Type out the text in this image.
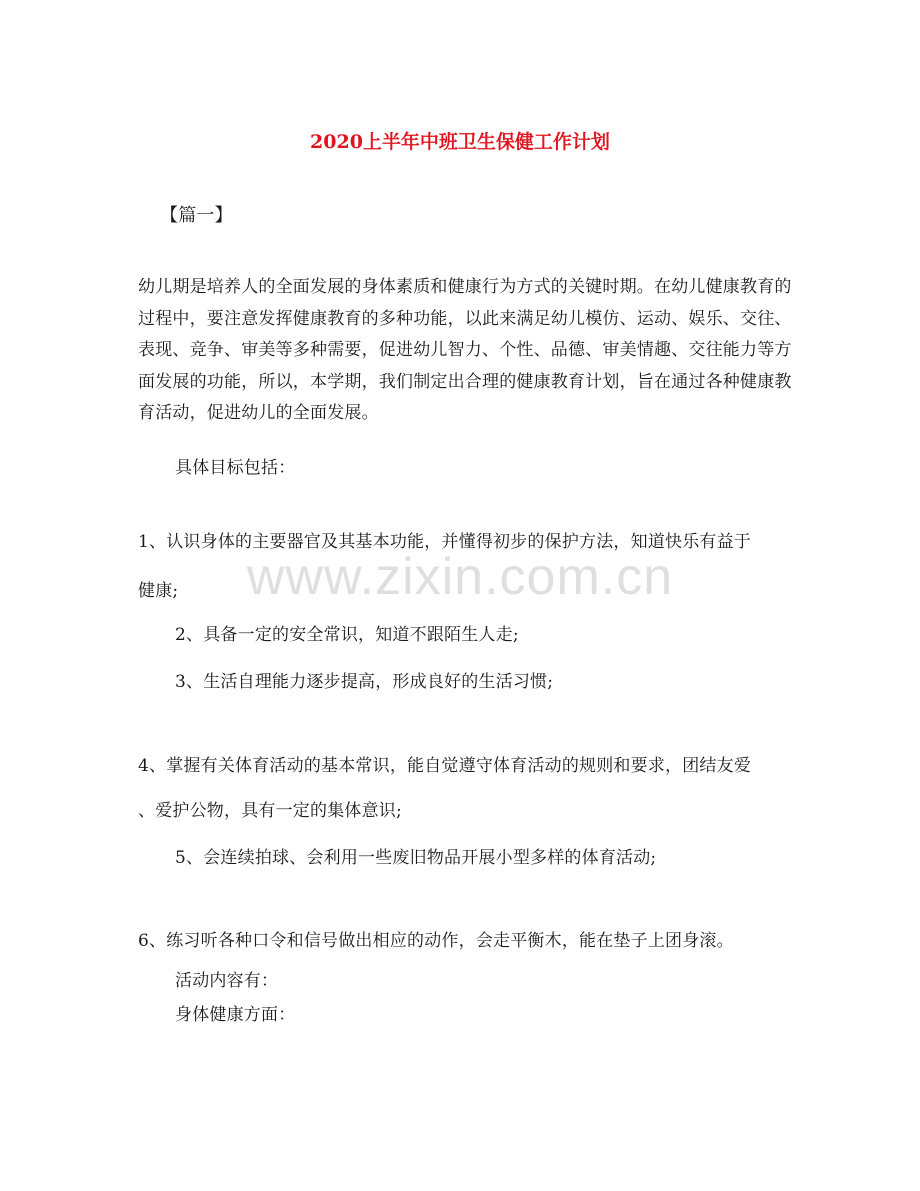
2020上半年中班卫生保健工作计划
【篇一】
幼儿期是培养人的全面发展的身体素质和健康行为方式的关键时期。在幼儿健康教育的过程中，要注意发挥健康教育的多种功能，以此来满足幼儿模仿、运动、娱乐、交往、表现、竞争、审美等多种需要，促进幼儿智力、个性、品德、审美情趣、交往能力等方面发展的功能，所以，本学期，我们制定出合理的健康教育计划，旨在通过各种健康教育活动，促进幼儿的全面发展。
具体目标包括：
1、认识身体的主要器官及其基本功能，并懂得初步的保护方法，知道快乐有益于
健康;
2、具备一定的安全常识，知道不跟陌生人走;
3、生活自理能力逐步提高，形成良好的生活习惯;
4、掌握有关体育活动的基本常识，能自觉遵守体育活动的规则和要求，团结友爱
、爱护公物，具有一定的集体意识;
5、会连续拍球、会利用一些废旧物品开展小型多样的体育活动;
6、练习听各种口令和信号做出相应的动作，会走平衡木，能在垫子上团身滚。
活动内容有：
身体健康方面：
www.zixin.com.cn
